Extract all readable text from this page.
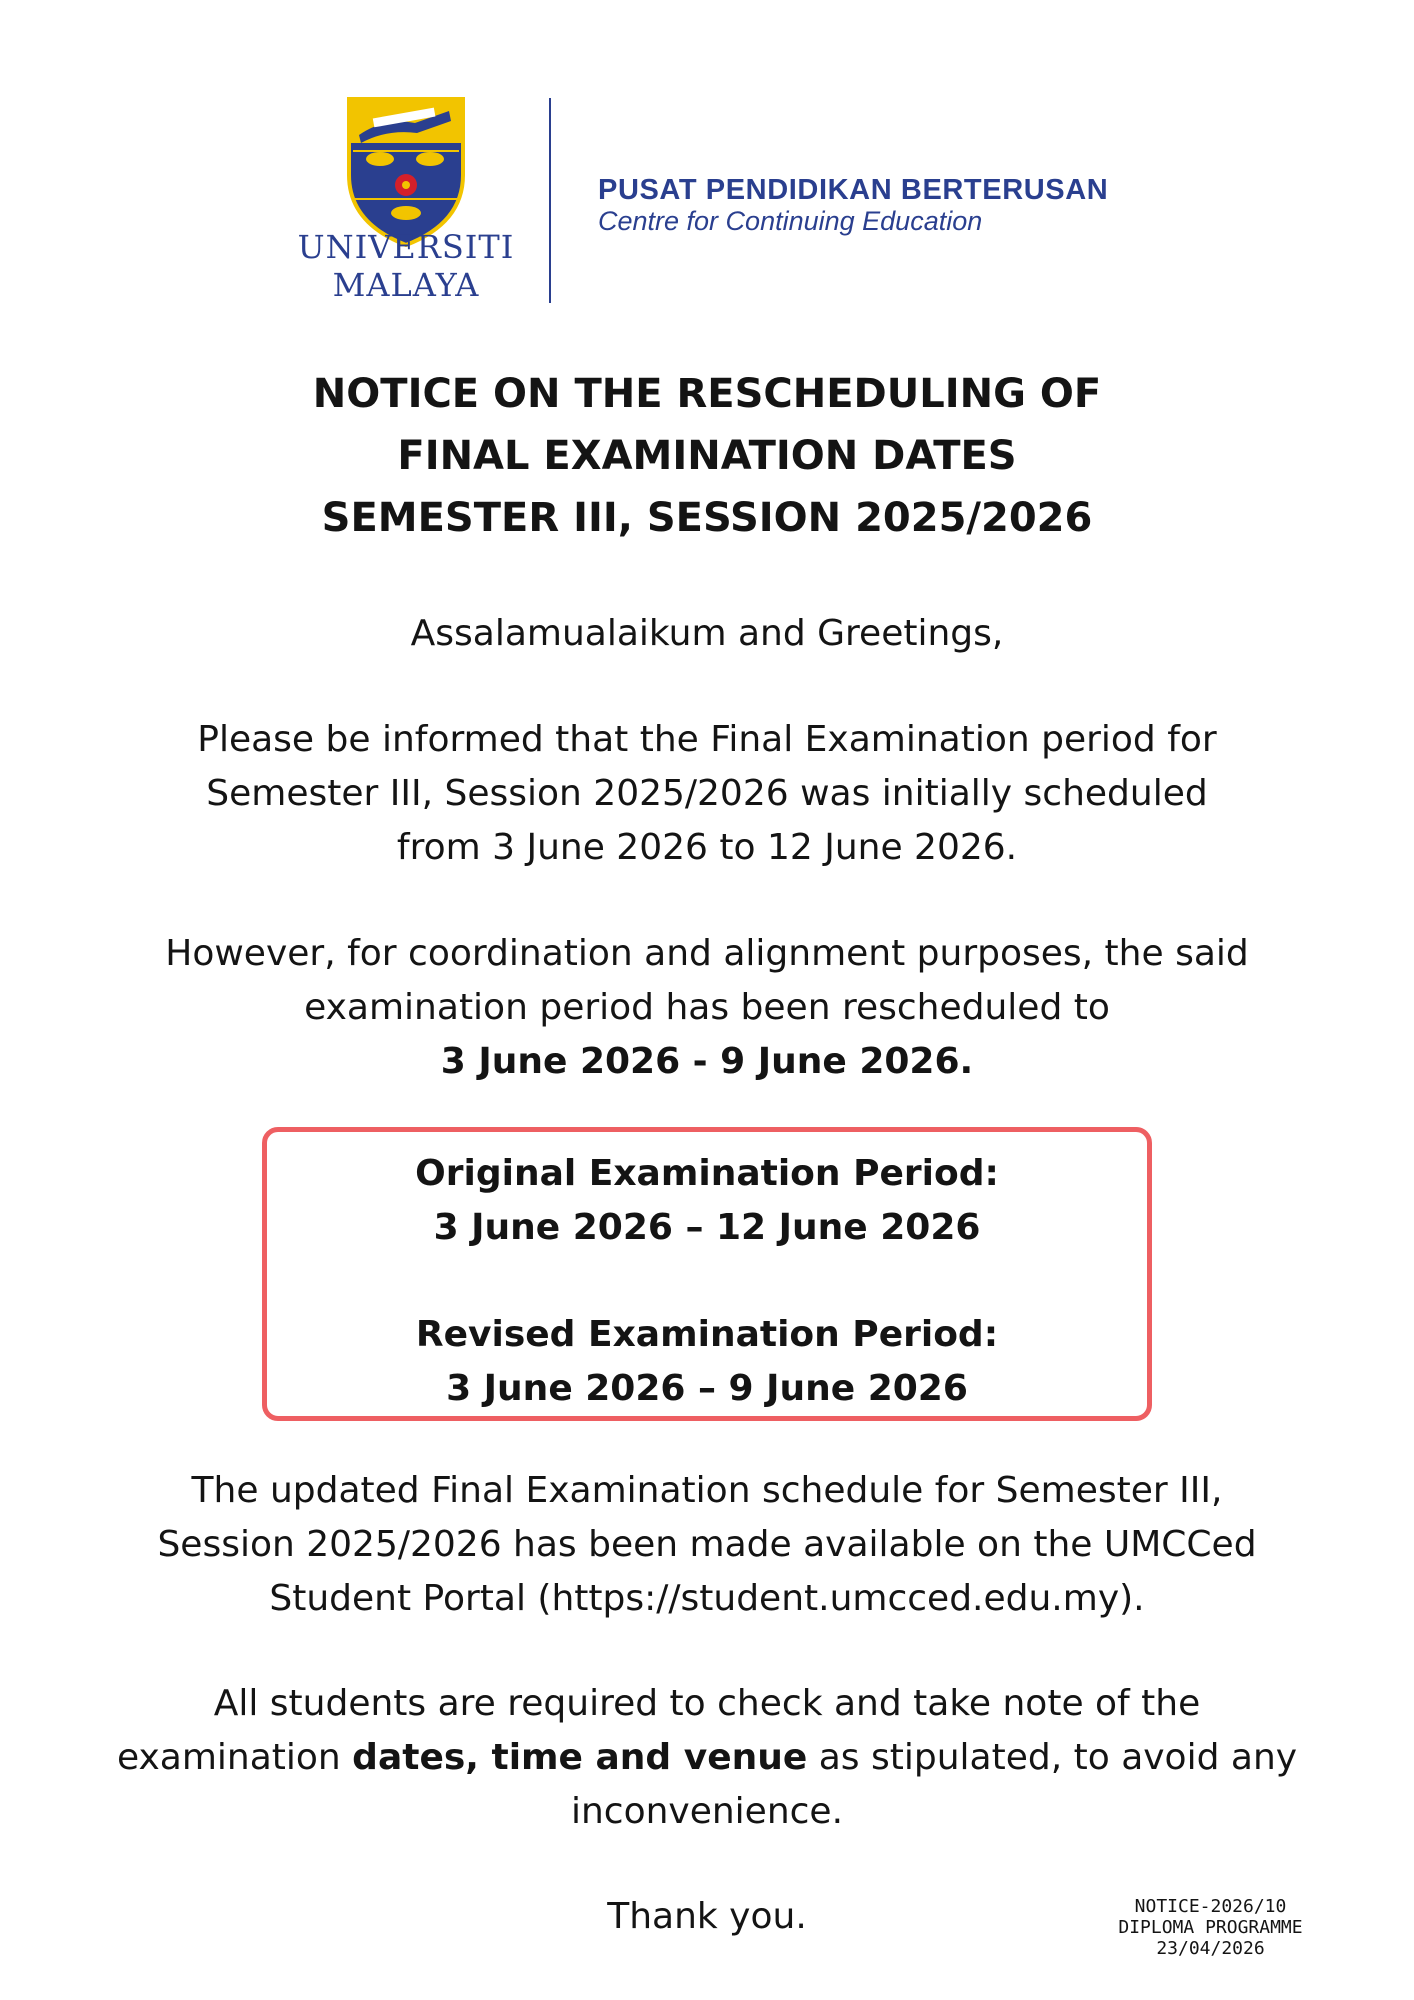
UNIVERSITI
MALAYA
PUSAT PENDIDIKAN BERTERUSAN
Centre for Continuing Education
NOTICE ON THE RESCHEDULING OF
FINAL EXAMINATION DATES
SEMESTER III, SESSION 2025/2026
Assalamualaikum and Greetings,
Please be informed that the Final Examination period for
Semester III, Session 2025/2026 was initially scheduled
from 3 June 2026 to 12 June 2026.
However, for coordination and alignment purposes, the said
examination period has been rescheduled to
3 June 2026 - 9 June 2026.
Original Examination Period:
3 June 2026 – 12 June 2026
Revised Examination Period:
3 June 2026 – 9 June 2026
The updated Final Examination schedule for Semester III,
Session 2025/2026 has been made available on the UMCCed
Student Portal (https://student.umcced.edu.my).
All students are required to check and take note of the
examination dates, time and venue as stipulated, to avoid any
inconvenience.
Thank you.	NOTICE-2026/10
DIPLOMA PROGRAMME
23/04/2026
